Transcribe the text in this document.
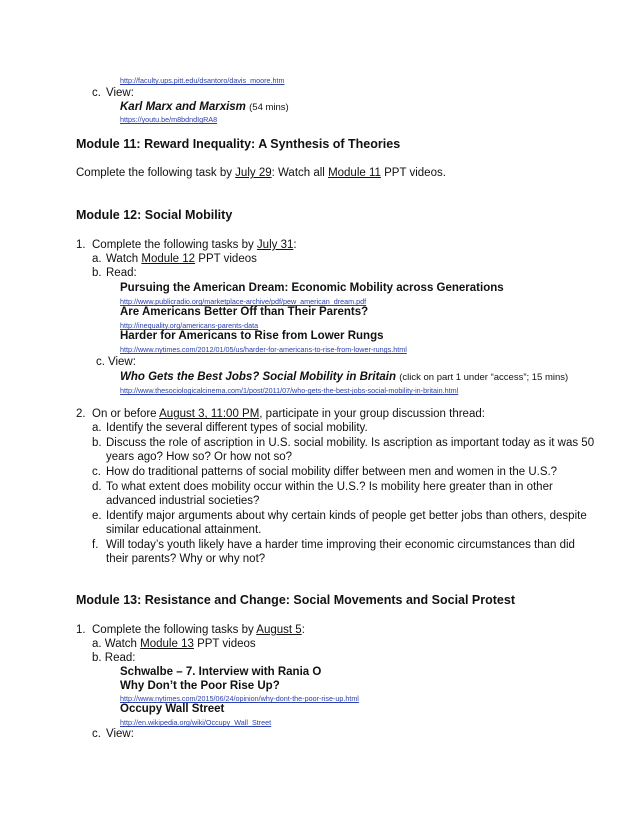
http://faculty.ups.pitt.edu/dsantoro/davis_moore.htm
c. View:
Karl Marx and Marxism (54 mins)
https://youtu.be/m8bdndIgRA8
Module 11: Reward Inequality: A Synthesis of Theories
Complete the following task by July 29: Watch all Module 11 PPT videos.
Module 12: Social Mobility
1. Complete the following tasks by July 31:
a. Watch Module 12 PPT videos
b. Read:
Pursuing the American Dream: Economic Mobility across Generations
http://www.publicradio.org/marketplace-archive/pdf/pew_american_dream.pdf
Are Americans Better Off than Their Parents?
http://inequality.org/americans-parents-data
Harder for Americans to Rise from Lower Rungs
http://www.nytimes.com/2012/01/05/us/harder-for-americans-to-rise-from-lower-rungs.html
c. View:
Who Gets the Best Jobs? Social Mobility in Britain (click on part 1 under “access”; 15 mins)
http://www.thesociologicalcinema.com/1/post/2011/07/who-gets-the-best-jobs-social-mobility-in-britain.html
2. On or before August 3, 11:00 PM, participate in your group discussion thread:
a. Identify the several different types of social mobility.
b. Discuss the role of ascription in U.S. social mobility. Is ascription as important today as it was 50
years ago? How so? Or how not so?
c. How do traditional patterns of social mobility differ between men and women in the U.S.?
d. To what extent does mobility occur within the U.S.? Is mobility here greater than in other
advanced industrial societies?
e. Identify major arguments about why certain kinds of people get better jobs than others, despite
similar educational attainment.
f. Will today’s youth likely have a harder time improving their economic circumstances than did
their parents? Why or why not?
Module 13: Resistance and Change: Social Movements and Social Protest
1. Complete the following tasks by August 5:
a. Watch Module 13 PPT videos
b. Read:
Schwalbe – 7. Interview with Rania O
Why Don’t the Poor Rise Up?
http://www.nytimes.com/2015/06/24/opinion/why-dont-the-poor-rise-up.html
Occupy Wall Street
http://en.wikipedia.org/wiki/Occupy_Wall_Street
c. View:
